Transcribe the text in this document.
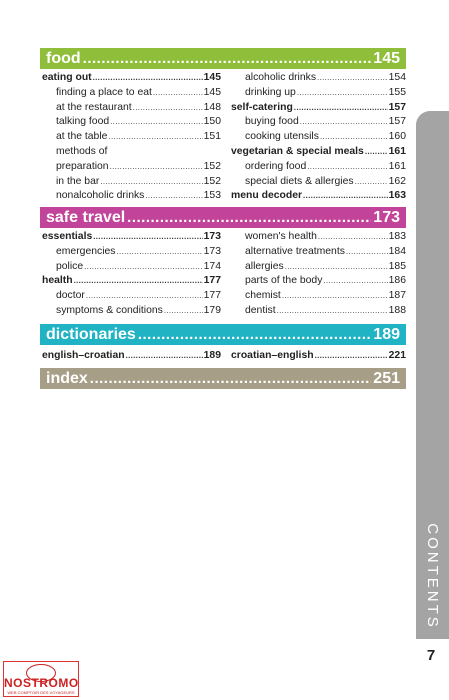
food .....	145
eating out .....	145
finding a place to eat .....	145
at the restaurant .....	148
talking food .....	150
at the table .....	151
methods of
preparation .....	152
in the bar .....	152
nonalcoholic drinks .....	153
alcoholic drinks .....	154
drinking up .....	155
self-catering .....	157
buying food .....	157
cooking utensils .....	160
vegetarian & special meals ..... 161
ordering food .....	161
special diets & allergies .....	162
menu decoder .....	163
safe travel .....	173
essentials .....	173
emergencies .....	173
police .....	174
health .....	177
doctor .....	177
symptoms & conditions .....	179
women's health .....	183
alternative treatments .....	184
allergies .....	185
parts of the body .....	186
chemist .....	187
dentist .....	188
dictionaries .....	189
english–croatian .....	189 croatian–english .....	221
index .....	251
CONTENTS
7
NOSTROMO
WEB COMPTOIR DES VOYAGEURS
